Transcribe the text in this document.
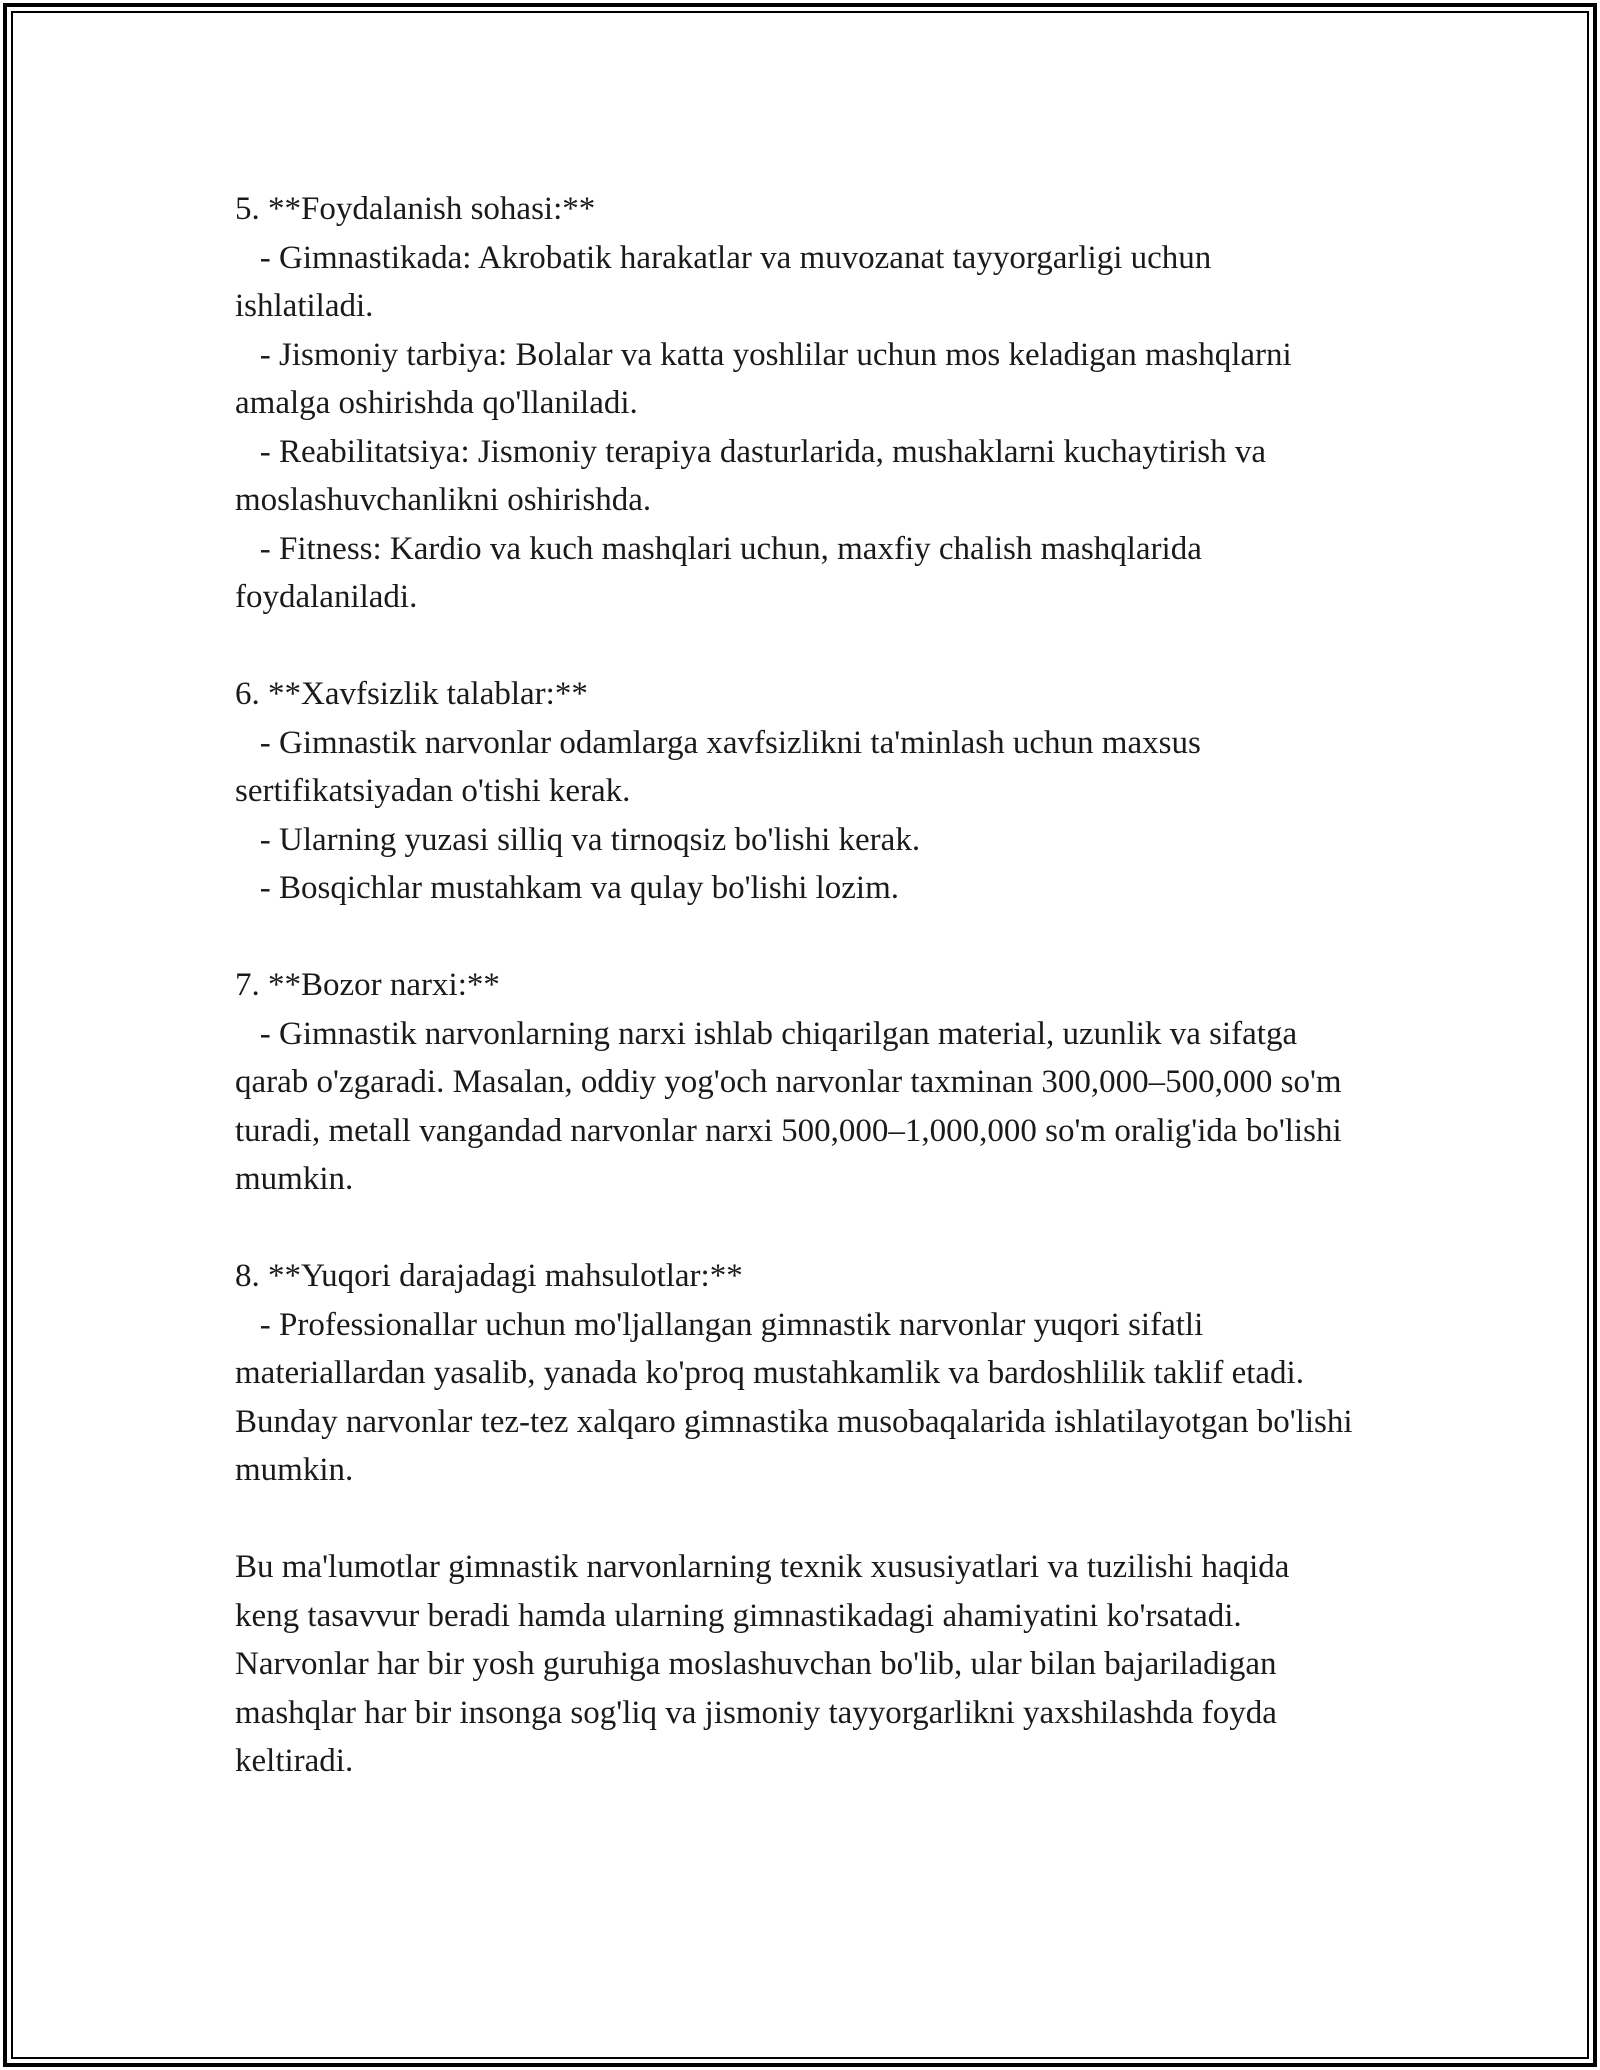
5. **Foydalanish sohasi:**
- Gimnastikada: Akrobatik harakatlar va muvozanat tayyorgarligi uchun ishlatiladi.
- Jismoniy tarbiya: Bolalar va katta yoshlilar uchun mos keladigan mashqlarni amalga oshirishda qo'llaniladi.
- Reabilitatsiya: Jismoniy terapiya dasturlarida, mushaklarni kuchaytirish va moslashuvchanlikni oshirishda.
- Fitness: Kardio va kuch mashqlari uchun, maxfiy chalish mashqlarida foydalaniladi.
6. **Xavfsizlik talablar:**
- Gimnastik narvonlar odamlarga xavfsizlikni ta'minlash uchun maxsus sertifikatsiyadan o'tishi kerak.
- Ularning yuzasi silliq va tirnoqsiz bo'lishi kerak.
- Bosqichlar mustahkam va qulay bo'lishi lozim.
7. **Bozor narxi:**
- Gimnastik narvonlarning narxi ishlab chiqarilgan material, uzunlik va sifatga qarab o'zgaradi. Masalan, oddiy yog'och narvonlar taxminan 300,000–500,000 so'm turadi, metall vangandad narvonlar narxi 500,000–1,000,000 so'm oralig'ida bo'lishi mumkin.
8. **Yuqori darajadagi mahsulotlar:**
- Professionallar uchun mo'ljallangan gimnastik narvonlar yuqori sifatli materiallardan yasalib, yanada ko'proq mustahkamlik va bardoshlilik taklif etadi. Bunday narvonlar tez-tez xalqaro gimnastika musobaqalarida ishlatilayotgan bo'lishi mumkin.

Bu ma'lumotlar gimnastik narvonlarning texnik xususiyatlari va tuzilishi haqida keng tasavvur beradi hamda ularning gimnastikadagi ahamiyatini ko'rsatadi. Narvonlar har bir yosh guruhiga moslashuvchan bo'lib, ular bilan bajariladigan mashqlar har bir insonga sog'liq va jismoniy tayyorgarlikni yaxshilashda foyda keltiradi.
